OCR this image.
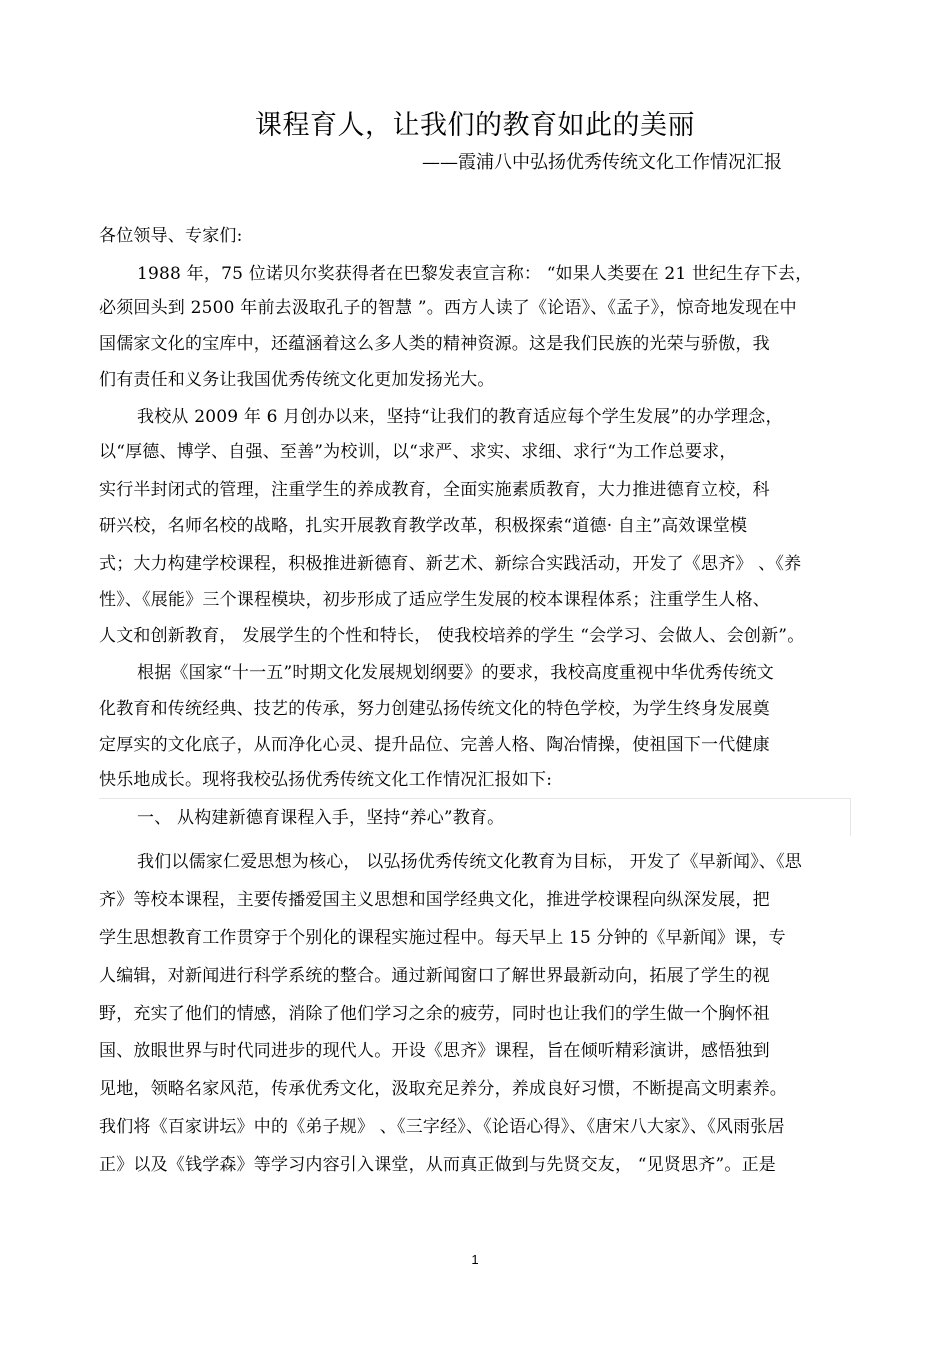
课程育人，让我们的教育如此的美丽
——霞浦八中弘扬优秀传统文化工作情况汇报
各位领导、专家们:
1988 年，75 位诺贝尔奖获得者在巴黎发表宣言称： “如果人类要在 21 世纪生存下去，
必须回头到 2500 年前去汲取孔子的智慧 ”。西方人读了《论语》、《孟子》，惊奇地发现在中
国儒家文化的宝库中，还蕴涵着这么多人类的精神资源。这是我们民族的光荣与骄傲，我
们有责任和义务让我国优秀传统文化更加发扬光大。
我校从 2009 年 6 月创办以来，坚持“让我们的教育适应每个学生发展”的办学理念，
以“厚德、博学、自强、至善”为校训，以“求严、求实、求细、求行“为工作总要求，
实行半封闭式的管理，注重学生的养成教育，全面实施素质教育，大力推进德育立校，科
研兴校，名师名校的战略，扎实开展教育教学改革，积极探索“道德· 自主”高效课堂模
式；大力构建学校课程，积极推进新德育、新艺术、新综合实践活动，开发了《思齐》 、《养
性》、《展能》三个课程模块，初步形成了适应学生发展的校本课程体系；注重学生人格、
人文和创新教育， 发展学生的个性和特长， 使我校培养的学生 “会学习、会做人、会创新”。
根据《国家“十一五”时期文化发展规划纲要》的要求，我校高度重视中华优秀传统文
化教育和传统经典、技艺的传承，努力创建弘扬传统文化的特色学校，为学生终身发展奠
定厚实的文化底子，从而净化心灵、提升品位、完善人格、陶冶情操，使祖国下一代健康
快乐地成长。现将我校弘扬优秀传统文化工作情况汇报如下:
一、 从构建新德育课程入手，坚持“养心”教育。
我们以儒家仁爱思想为核心， 以弘扬优秀传统文化教育为目标， 开发了《早新闻》、《思
齐》等校本课程，主要传播爱国主义思想和国学经典文化，推进学校课程向纵深发展，把
学生思想教育工作贯穿于个别化的课程实施过程中。每天早上 15 分钟的《早新闻》课，专
人编辑，对新闻进行科学系统的整合。通过新闻窗口了解世界最新动向，拓展了学生的视
野，充实了他们的情感，消除了他们学习之余的疲劳，同时也让我们的学生做一个胸怀祖
国、放眼世界与时代同进步的现代人。开设《思齐》课程，旨在倾听精彩演讲，感悟独到
见地，领略名家风范，传承优秀文化，汲取充足养分，养成良好习惯，不断提高文明素养。
我们将《百家讲坛》中的《弟子规》 、《三字经》、《论语心得》、《唐宋八大家》、《风雨张居
正》以及《钱学森》等学习内容引入课堂，从而真正做到与先贤交友， “见贤思齐”。正是
1
